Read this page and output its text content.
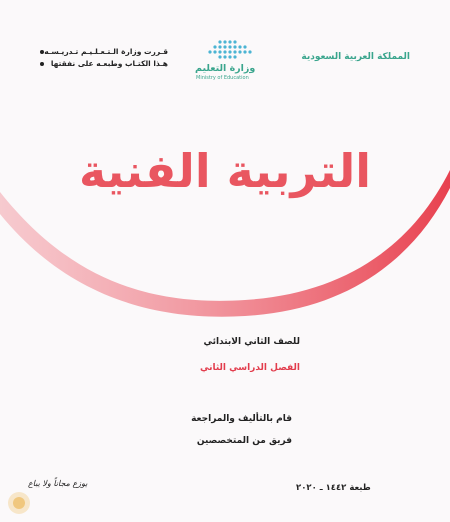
المملكة العربية السعودية
وزارة التعليم
Ministry of Education
قـررت وزارة الـتـعـلـيـم تـدريـسـه
هـذا الكتـاب وطبعـه على نفقتها
التربية الفنية
للصف الثاني الابتدائي
الفصل الدراسي الثاني
قام بالتأليف والمراجعة
فريق من المتخصصين
طبعة ١٤٤٢ ـ ٢٠٢٠
يوزع مجاناً ولا يباع
